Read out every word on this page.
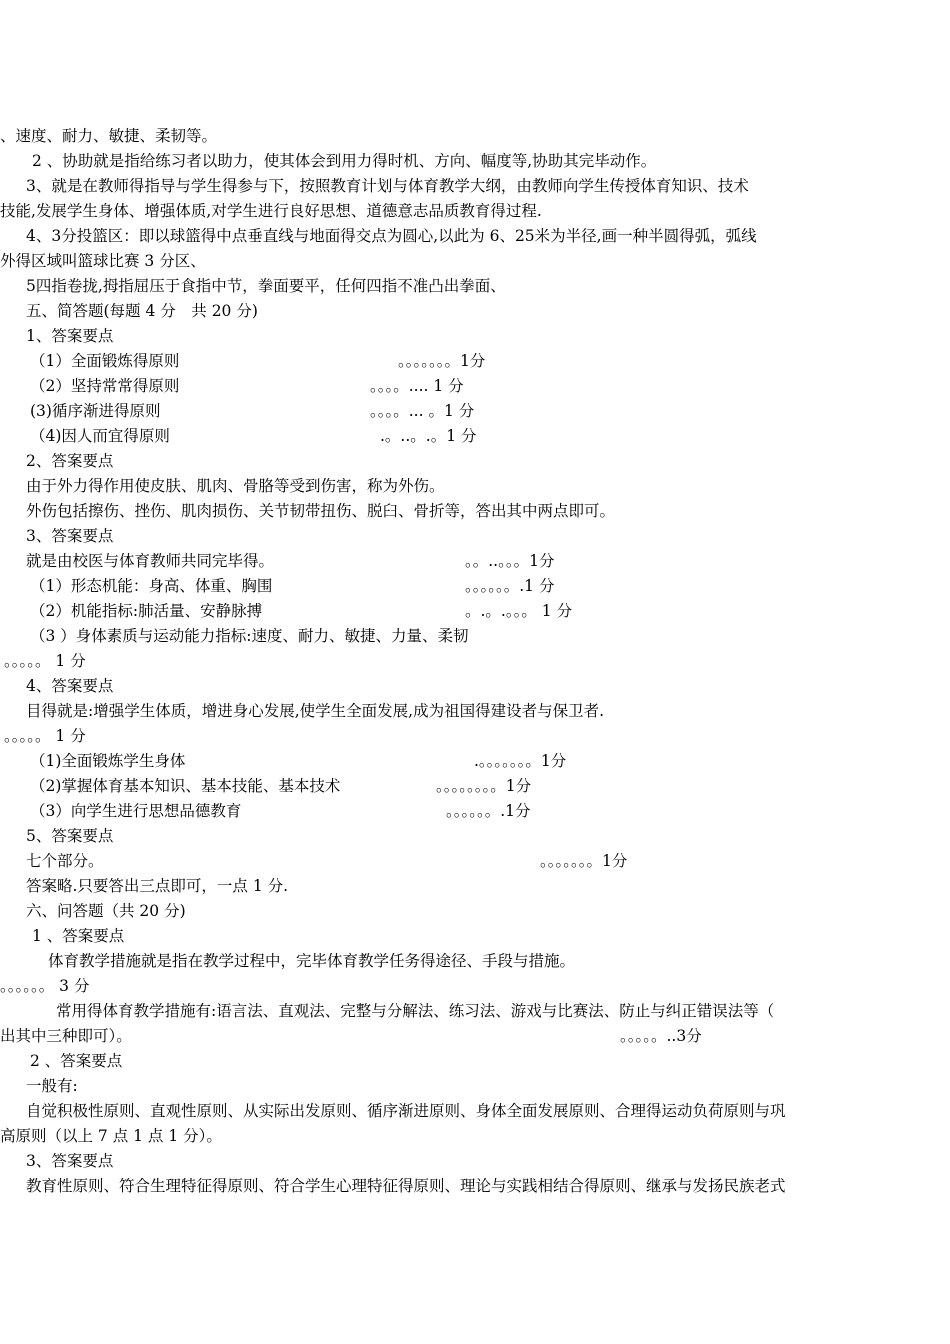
、速度、耐力、敏捷、柔韧等。
2 、协助就是指给练习者以助力，使其体会到用力得时机、方向、幅度等,协助其完毕动作。
3、就是在教师得指导与学生得参与下，按照教育计划与体育教学大纲，由教师向学生传授体育知识、技术
技能,发展学生身体、增强体质,对学生进行良好思想、道德意志品质教育得过程.
4、3分投篮区：即以球篮得中点垂直线与地面得交点为圆心,以此为 6、25米为半径,画一种半圆得弧，弧线
外得区域叫篮球比赛 3 分区、
5四指卷拢,拇指屈压于食指中节，拳面要平，任何四指不准凸出拳面、
五、简答题(每题 4 分　共 20 分)
1、答案要点
（1）全面锻炼得原则	。。。。。。。1分
（2）坚持常常得原则	。。。。.... 1 分
(3)循序渐进得原则	。。。。... 。1 分
（4)因人而宜得原则	.。..。.。1 分
2、答案要点
由于外力得作用使皮肤、肌肉、骨胳等受到伤害，称为外伤。
外伤包括擦伤、挫伤、肌肉损伤、关节韧带扭伤、脱臼、骨折等，答出其中两点即可。
3、答案要点
就是由校医与体育教师共同完毕得。	。。..。。。1分
（1）形态机能：身高、体重、胸围	。。。。。。.1 分
（2）机能指标:肺活量、安静脉搏	。.。.。。。 1 分
（3 ）身体素质与运动能力指标:速度、耐力、敏捷、力量、柔韧
。。。。。 1 分
4、答案要点
目得就是:增强学生体质，增进身心发展,使学生全面发展,成为祖国得建设者与保卫者.
。。。。。 1 分
（1)全面锻炼学生身体	.。。。。。。。1分
（2)掌握体育基本知识、基本技能、基本技术	。。。。。。。。1分
（3）向学生进行思想品德教育	。。。。。。.1分
5、答案要点
七个部分。	。。。。。。。1分
答案略.只要答出三点即可，一点 1 分.
六、问答题（共 20 分)
1 、答案要点
体育教学措施就是指在教学过程中，完毕体育教学任务得途径、手段与措施。
。。。。。。 3 分
常用得体育教学措施有:语言法、直观法、完整与分解法、练习法、游戏与比赛法、防止与纠正错误法等（
出其中三种即可）。	。。。。。..3分
2 、答案要点
一般有:
自觉积极性原则、直观性原则、从实际出发原则、循序渐进原则、身体全面发展原则、合理得运动负荷原则与巩
高原则（以上 7 点 1 点 1 分）。
3、答案要点
教育性原则、符合生理特征得原则、符合学生心理特征得原则、理论与实践相结合得原则、继承与发扬民族老式
